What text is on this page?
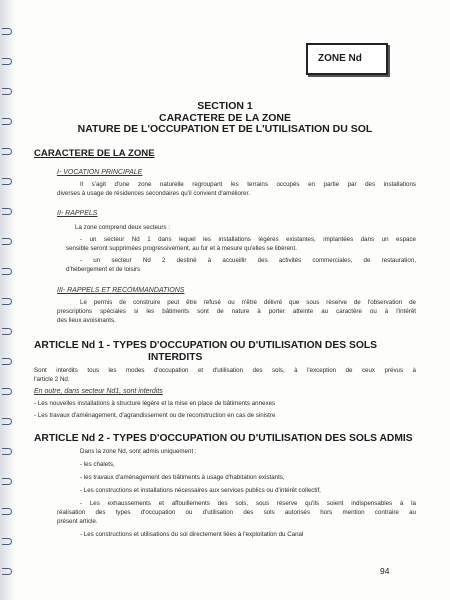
ZONE Nd
SECTION 1
CARACTERE DE LA ZONE
NATURE DE L'OCCUPATION ET DE L'UTILISATION DU SOL
CARACTERE DE LA ZONE
I- VOCATION PRINCIPALE
Il s'agit d'une zone naturelle regroupant les terrains occupés en partie par des installations
diverses à usage de résidences secondaires qu'il convient d'améliorer.
II- RAPPELS
La zone comprend deux secteurs :
- un secteur Nd 1 dans lequel les installations légères existantes, implantées dans un espace
sensible seront supprimées progressivement, au fur et à mesure qu'elles se libèrent.
- un secteur Nd 2 destiné à accueillir des activités commerciales, de restauration,
d'hébergement et de loisirs
III- RAPPELS ET RECOMMANDATIONS
Le permis de construire peut être refusé ou n'être délivré que sous réserve de l'observation de
prescriptions spéciales si les bâtiments sont de nature à porter atteinte au caractère ou à l'intérêt
des lieux avoisinants.
ARTICLE Nd 1 - TYPES D'OCCUPATION OU D'UTILISATION DES SOLS
INTERDITS
Sont interdits tous les modes d'occupation et d'utilisation des sols, à l'exception de ceux prévus à
l'article 2 Nd.
En outre, dans secteur Nd1, sont interdits
- Les nouvelles installations à structure légère et la mise en place de bâtiments annexes
- Les travaux d'aménagement, d'agrandissement ou de reconstruction en cas de sinistre
ARTICLE Nd 2 - TYPES D'OCCUPATION OU D'UTILISATION DES SOLS ADMIS
Dans la zone Nd, sont admis uniquement :
- les chalets,
- les travaux d'aménagement des bâtiments à usage d'habitation existants,
- Les constructions et installations nécessaires aux services publics ou d'intérêt collectif,
- Les exhaussements et affouillements des sols, sous réserve qu'ils soient indispensables à la
réalisation des types d'occupation ou d'utilisation des sols autorisés hors mention contraire au
présent article.
- Les constructions et utilisations du sol directement liées à l'exploitation du Canal
94
